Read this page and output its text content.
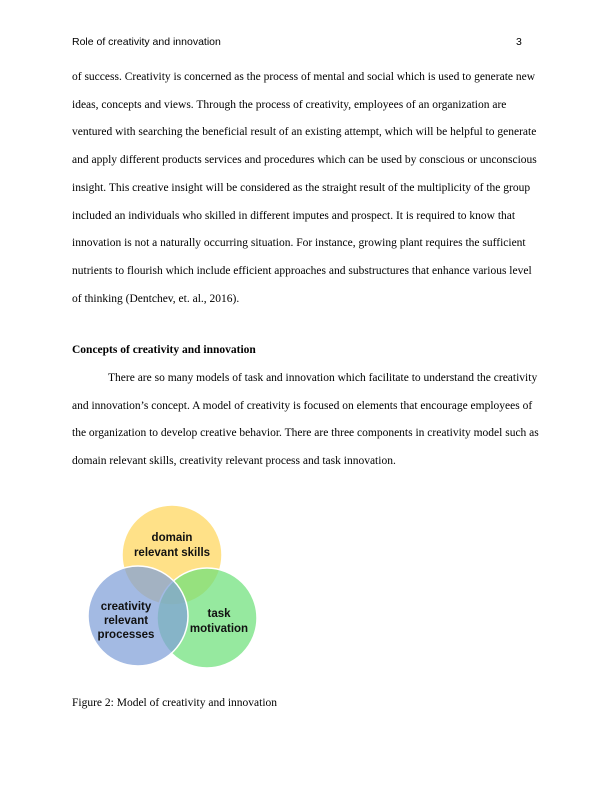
Role of creativity and innovation	3

of success. Creativity is concerned as the process of mental and social which is used to generate new ideas, concepts and views. Through the process of creativity, employees of an organization are ventured with searching the beneficial result of an existing attempt, which will be helpful to generate and apply different products services and procedures which can be used by conscious or unconscious insight. This creative insight will be considered as the straight result of the multiplicity of the group included an individuals who skilled in different imputes and prospect. It is required to know that innovation is not a naturally occurring situation. For instance, growing plant requires the sufficient nutrients to flourish which include efficient approaches and substructures that enhance various level of thinking (Dentchev, et. al., 2016).

Concepts of creativity and innovation

There are so many models of task and innovation which facilitate to understand the creativity and innovation’s concept. A model of creativity is focused on elements that encourage employees of the organization to develop creative behavior. There are three components in creativity model such as domain relevant skills, creativity relevant process and task innovation.

domain
relevant skills
creativity
relevant
processes
task
motivation
Figure 2: Model of creativity and innovation
